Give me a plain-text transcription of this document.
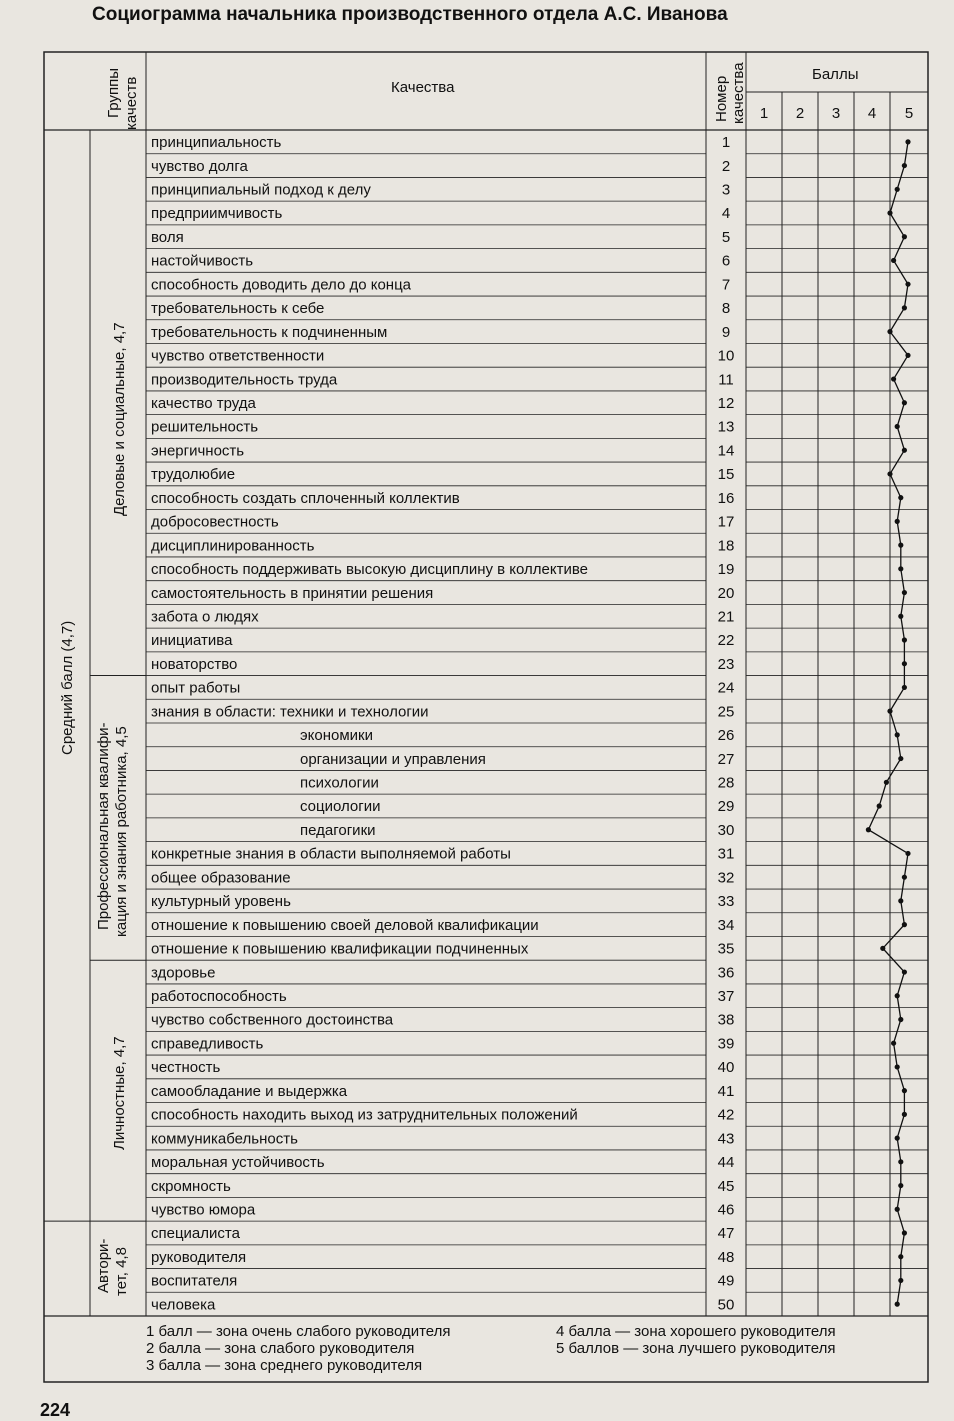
Социограмма начальника производственного отдела А.С. Иванова
1 2 3 4 5
Группы качеств	Качества	Номер качества	Баллы
Средний балл (4,7)
Деловые и социальные, 4,7
Профессиональная квалифи- кация и знания работника, 4,5
Личностные, 4,7
Автори- тет, 4,8
принципиальность	1
чувство долга	2
принципиальный подход к делу	3
предприимчивость	4
воля	5
настойчивость	6
способность доводить дело до конца	7
требовательность к себе	8
требовательность к подчиненным	9
чувство ответственности	10
производительность труда	11
качество труда	12
решительность	13
энергичность	14
трудолюбие	15
способность создать сплоченный коллектив	16
добросовестность	17
дисциплинированность	18
способность поддерживать высокую дисциплину в коллективе	19
самостоятельность в принятии решения	20
забота о людях	21
инициатива	22
новаторство	23
опыт работы	24
знания в области: техники и технологии	25
экономики	26
организации и управления	27
психологии	28
социологии	29
педагогики	30
конкретные знания в области выполняемой работы	31
общее образование	32
культурный уровень	33
отношение к повышению своей деловой квалификации	34
отношение к повышению квалификации подчиненных	35
здоровье	36
работоспособность	37
чувство собственного достоинства	38
справедливость	39
честность	40
самообладание и выдержка	41
способность находить выход из затруднительных положений	42
коммуникабельность	43
моральная устойчивость	44
скромность	45
чувство юмора	46
специалиста	47
руководителя	48
воспитателя	49
человека	50
1 балл — зона очень слабого руководителя
2 балла — зона слабого руководителя
3 балла — зона среднего руководителя
4 балла — зона хорошего руководителя
5 баллов — зона лучшего руководителя
224
